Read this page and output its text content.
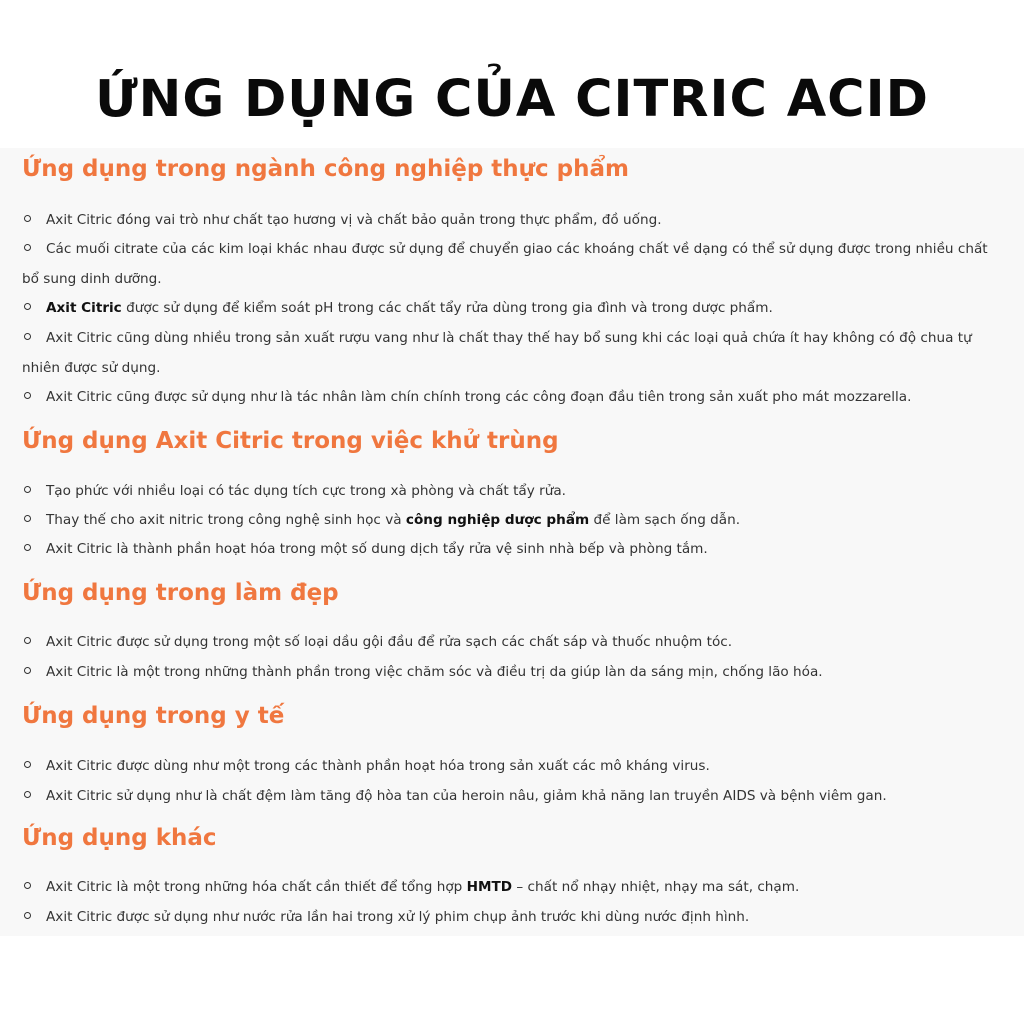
ỨNG DỤNG CỦA CITRIC ACID
Ứng dụng trong ngành công nghiệp thực phẩm
Axit Citric đóng vai trò như chất tạo hương vị và chất bảo quản trong thực phẩm, đồ uống.
Các muối citrate của các kim loại khác nhau được sử dụng để chuyển giao các khoáng chất về dạng có thể sử dụng được trong nhiều chất bổ sung dinh dưỡng.
Axit Citric được sử dụng để kiểm soát pH trong các chất tẩy rửa dùng trong gia đình và trong dược phẩm.
Axit Citric cũng dùng nhiều trong sản xuất rượu vang như là chất thay thế hay bổ sung khi các loại quả chứa ít hay không có độ chua tự nhiên được sử dụng.
Axit Citric cũng được sử dụng như là tác nhân làm chín chính trong các công đoạn đầu tiên trong sản xuất pho mát mozzarella.
Ứng dụng Axit Citric trong việc khử trùng
Tạo phức với nhiều loại có tác dụng tích cực trong xà phòng và chất tẩy rửa.
Thay thế cho axit nitric trong công nghệ sinh học và công nghiệp dược phẩm để làm sạch ống dẫn.
Axit Citric là thành phần hoạt hóa trong một số dung dịch tẩy rửa vệ sinh nhà bếp và phòng tắm.
Ứng dụng trong làm đẹp
Axit Citric được sử dụng trong một số loại dầu gội đầu để rửa sạch các chất sáp và thuốc nhuộm tóc.
Axit Citric là một trong những thành phần trong việc chăm sóc và điều trị da giúp làn da sáng mịn, chống lão hóa.
Ứng dụng trong y tế
Axit Citric được dùng như một trong các thành phần hoạt hóa trong sản xuất các mô kháng virus.
Axit Citric sử dụng như là chất đệm làm tăng độ hòa tan của heroin nâu, giảm khả năng lan truyền AIDS và bệnh viêm gan.
Ứng dụng khác
Axit Citric là một trong những hóa chất cần thiết để tổng hợp HMTD – chất nổ nhạy nhiệt, nhạy ma sát, chạm.
Axit Citric được sử dụng như nước rửa lần hai trong xử lý phim chụp ảnh trước khi dùng nước định hình.
